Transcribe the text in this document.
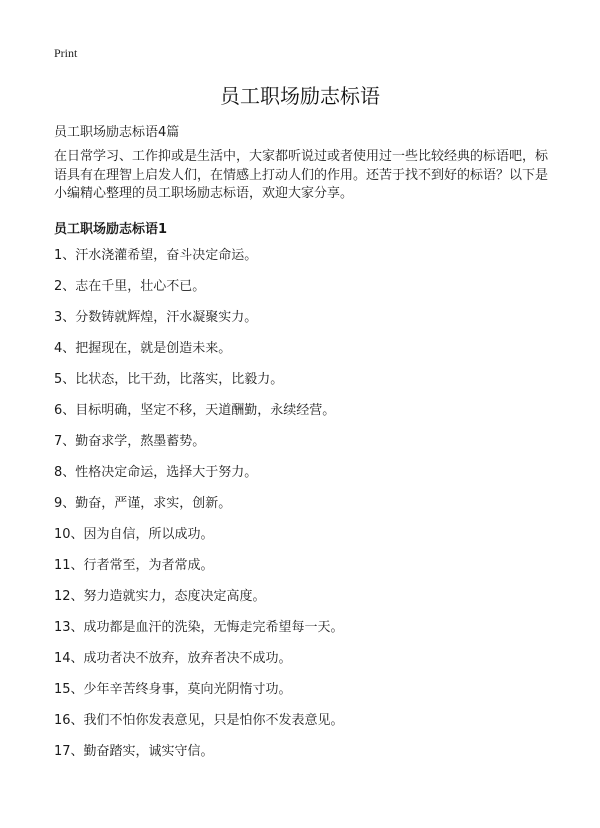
Print
员工职场励志标语

员工职场励志标语4篇

在日常学习、工作抑或是生活中，大家都听说过或者使用过一些比较经典的标语吧，标语具有在理智上启发人们，在情感上打动人们的作用。还苦于找不到好的标语？以下是小编精心整理的员工职场励志标语，欢迎大家分享。

员工职场励志标语1
1、汗水浇灌希望，奋斗决定命运。
2、志在千里，壮心不已。
3、分数铸就辉煌，汗水凝聚实力。
4、把握现在，就是创造未来。
5、比状态，比干劲，比落实，比毅力。
6、目标明确，坚定不移，天道酬勤，永续经营。
7、勤奋求学，熬墨蓄势。
8、性格决定命运，选择大于努力。
9、勤奋，严谨，求实，创新。
10、因为自信，所以成功。
11、行者常至，为者常成。
12、努力造就实力，态度决定高度。
13、成功都是血汗的洗染，无悔走完希望每一天。
14、成功者决不放弃，放弃者决不成功。
15、少年辛苦终身事，莫向光阴惰寸功。
16、我们不怕你发表意见，只是怕你不发表意见。
17、勤奋踏实，诚实守信。
